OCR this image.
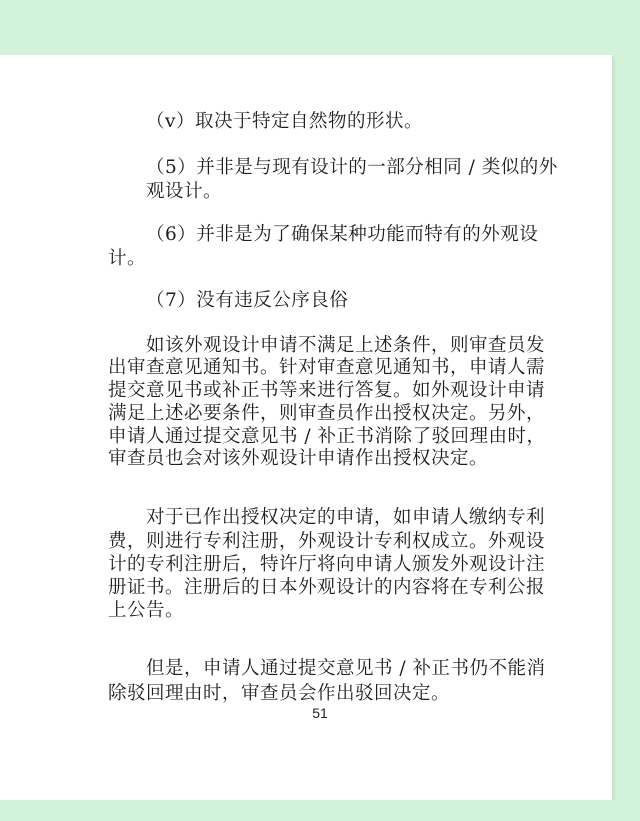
（v）取决于特定自然物的形状。

（5）并非是与现有设计的一部分相同 / 类似的外

观设计。

（6）并非是为了确保某种功能而特有的外观设

计。

（7）没有违反公序良俗

如该外观设计申请不满足上述条件，则审查员发

出审查意见通知书。针对审查意见通知书，申请人需

提交意见书或补正书等来进行答复。如外观设计申请

满足上述必要条件，则审查员作出授权决定。另外，

申请人通过提交意见书 / 补正书消除了驳回理由时，

审查员也会对该外观设计申请作出授权决定。

对于已作出授权决定的申请，如申请人缴纳专利

费，则进行专利注册，外观设计专利权成立。外观设

计的专利注册后，特许厅将向申请人颁发外观设计注

册证书。注册后的日本外观设计的内容将在专利公报

上公告。

但是，申请人通过提交意见书 / 补正书仍不能消

除驳回理由时，审查员会作出驳回决定。

51
